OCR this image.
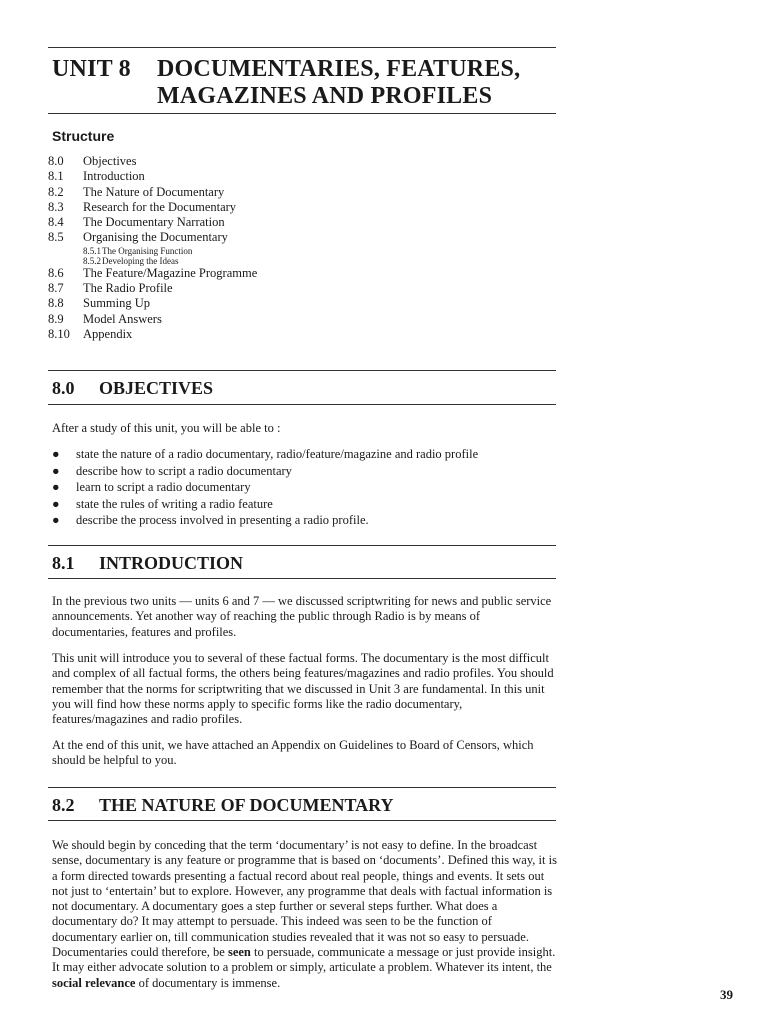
UNIT 8	DOCUMENTARIES, FEATURES,
MAGAZINES AND PROFILES
Structure
8.0 Objectives
8.1 Introduction
8.2 The Nature of Documentary
8.3 Research for the Documentary
8.4 The Documentary Narration
8.5 Organising the Documentary
8.5.1 The Organising Function
8.5.2 Developing the Ideas
8.6 The Feature/Magazine Programme
8.7 The Radio Profile
8.8 Summing Up
8.9 Model Answers
8.10 Appendix
8.0 OBJECTIVES
After a study of this unit, you will be able to :
●	state the nature of a radio documentary, radio/feature/magazine and radio profile
●	describe how to script a radio documentary
●	learn to script a radio documentary
●	state the rules of writing a radio feature
●	describe the process involved in presenting a radio profile.
8.1 INTRODUCTION
In the previous two units — units 6 and 7 — we discussed scriptwriting for news and public service announcements. Yet another way of reaching the public through Radio is by means of documentaries, features and profiles.
This unit will introduce you to several of these factual forms. The documentary is the most difficult and complex of all factual forms, the others being features/magazines and radio profiles. You should remember that the norms for scriptwriting that we discussed in Unit 3 are fundamental. In this unit you will find how these norms apply to specific forms like the radio documentary, features/magazines and radio profiles.
At the end of this unit, we have attached an Appendix on Guidelines to Board of Censors, which should be helpful to you.
8.2 THE NATURE OF DOCUMENTARY
We should begin by conceding that the term ‘documentary’ is not easy to define. In the broadcast sense, documentary is any feature or programme that is based on ‘documents’. Defined this way, it is a form directed towards presenting a factual record about real people, things and events. It sets out not just to ‘entertain’ but to explore. However, any programme that deals with factual information is not documentary. A documentary goes a step further or several steps further. What does a documentary do? It may attempt to persuade. This indeed was seen to be the function of documentary earlier on, till communication studies revealed that it was not so easy to persuade. Documentaries could therefore, be seen to persuade, communicate a message or just provide insight. It may either advocate solution to a problem or simply, articulate a problem. Whatever its intent, the social relevance of documentary is immense.
39
